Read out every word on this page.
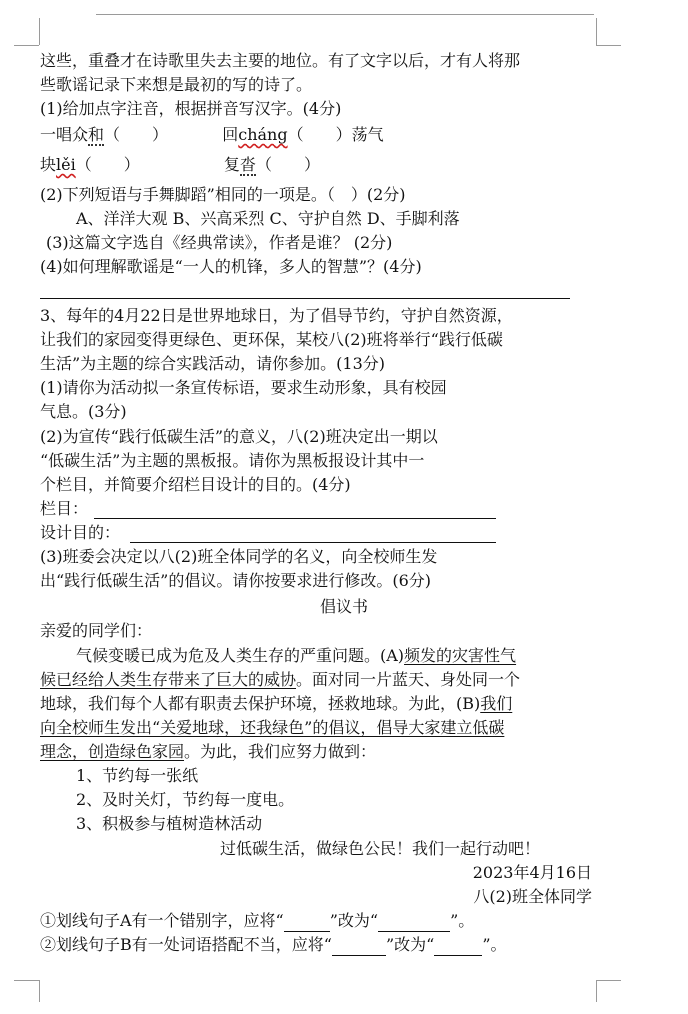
这些，重叠才在诗歌里失去主要的地位。有了文字以后，才有人将那
些歌谣记录下来想是最初的写的诗了。
(1)给加点字注音，根据拼音写汉字。(4分)
一唱众和（　　）	回cháng（　　）荡气
块lěi（　　）	复沓（　　）
(2)下列短语与手舞脚蹈”相同的一项是。（　）(2分)
A、洋洋大观 B、兴高采烈 C、守护自然 D、手脚利落
(3)这篇文字选自《经典常读》，作者是谁？ (2分)
(4)如何理解歌谣是“一人的机锋，多人的智慧”？(4分)
3、每年的4月22日是世界地球日，为了倡导节约，守护自然资源，
让我们的家园变得更绿色、更环保，某校八(2)班将举行“践行低碳
生活”为主题的综合实践活动，请你参加。(13分)
(1)请你为活动拟一条宣传标语，要求生动形象，具有校园
气息。(3分)
(2)为宣传“践行低碳生活”的意义，八(2)班决定出一期以
“低碳生活”为主题的黑板报。请你为黑板报设计其中一
个栏目，并简要介绍栏目设计的目的。(4分)
栏目：
设计目的：
(3)班委会决定以八(2)班全体同学的名义，向全校师生发
出“践行低碳生活”的倡议。请你按要求进行修改。(6分)
倡议书
亲爱的同学们：
气候变暖已成为危及人类生存的严重问题。(A)频发的灾害性气
候已经给人类生存带来了巨大的威协。面对同一片蓝天、身处同一个
地球，我们每个人都有职责去保护环境，拯救地球。为此，(B)我们
向全校师生发出“关爱地球，还我绿色”的倡议，倡导大家建立低碳
理念，创造绿色家园。为此，我们应努力做到：
1、节约每一张纸
2、及时关灯，节约每一度电。
3、积极参与植树造林活动
过低碳生活，做绿色公民！我们一起行动吧！
2023年4月16日
八(2)班全体同学
①划线句子A有一个错别字，应将“	”改为“	”。
②划线句子B有一处词语搭配不当，应将“	”改为“	”。
